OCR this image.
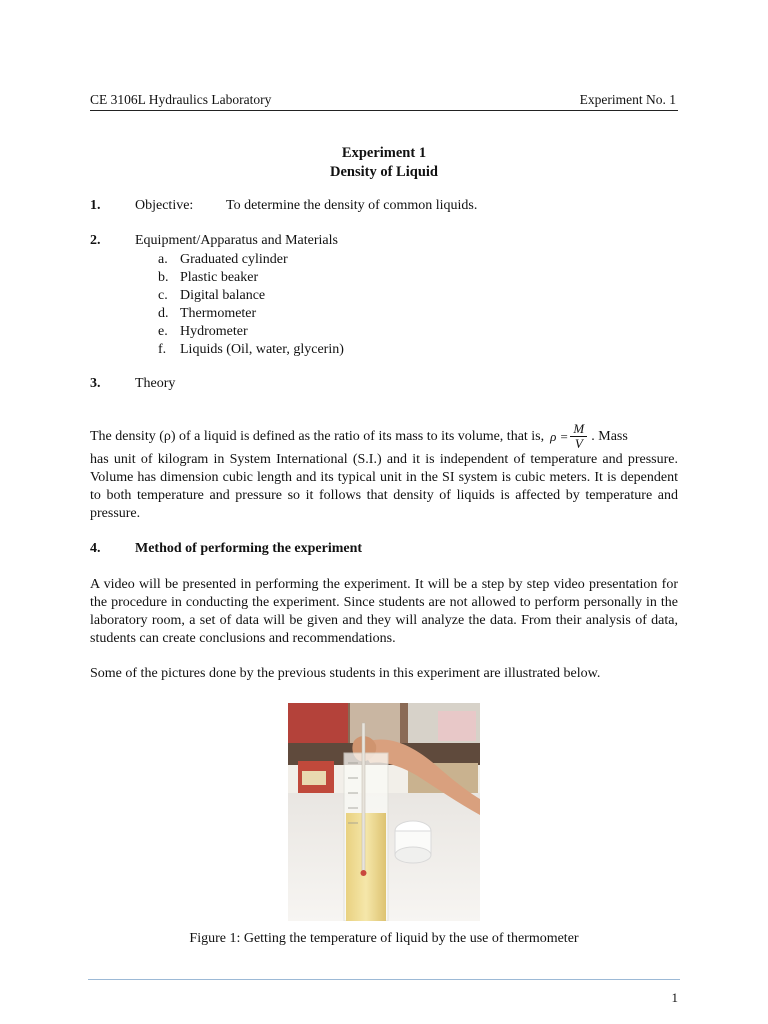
CE 3106L Hydraulics Laboratory	Experiment No. 1
Experiment 1
Density of Liquid
1. Objective: To determine the density of common liquids.
2. Equipment/Apparatus and Materials
a. Graduated cylinder
b. Plastic beaker
c. Digital balance
d. Thermometer
e. Hydrometer
f. Liquids (Oil, water, glycerin)
3. Theory
The density (ρ) of a liquid is defined as the ratio of its mass to its volume, that is, $\rho = \frac{M}{V}$ . Mass
has unit of kilogram in System International (S.I.) and it is independent of temperature and pressure. Volume has dimension cubic length and its typical unit in the SI system is cubic meters. It is dependent to both temperature and pressure so it follows that density of liquids is affected by temperature and pressure.
4. Method of performing the experiment
A video will be presented in performing the experiment. It will be a step by step video presentation for the procedure in conducting the experiment. Since students are not allowed to perform personally in the laboratory room, a set of data will be given and they will analyze the data. From their analysis of data, students can create conclusions and recommendations.
Some of the pictures done by the previous students in this experiment are illustrated below.
Figure 1: Getting the temperature of liquid by the use of thermometer
1
